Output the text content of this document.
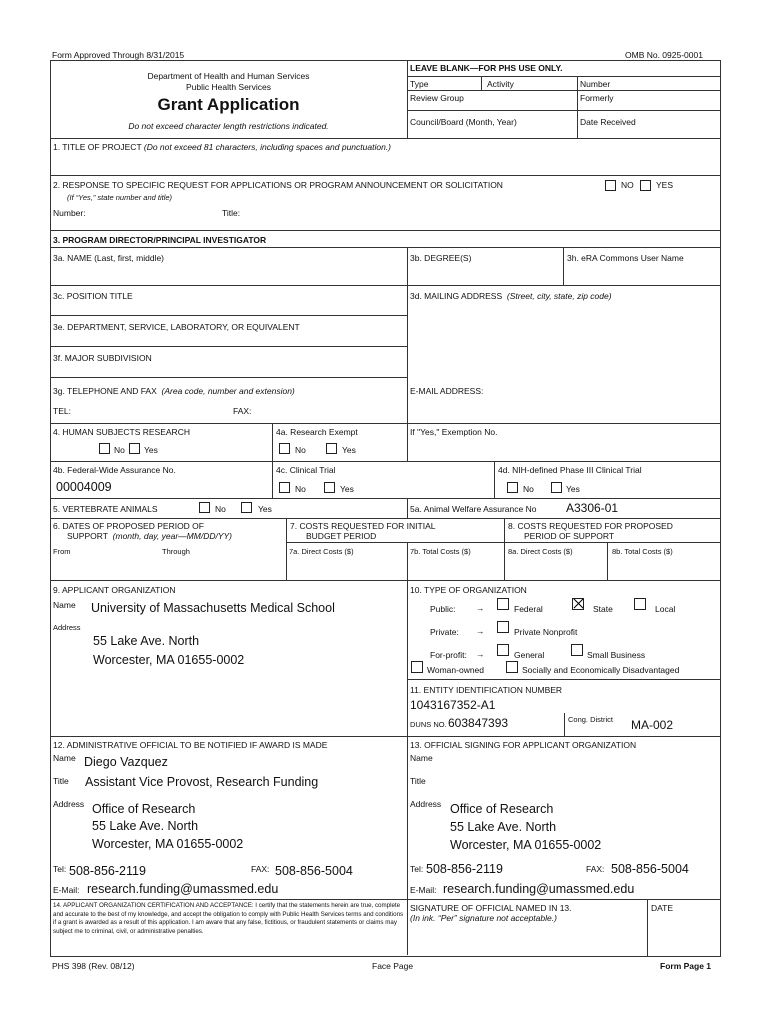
Form Approved Through 8/31/2015	OMB No. 0925-0001
Department of Health and Human Services
Public Health Services
Grant Application
Do not exceed character length restrictions indicated.
LEAVE BLANK—FOR PHS USE ONLY.
Type	Activity	Number
Review Group	Formerly
Council/Board (Month, Year)	Date Received
1. TITLE OF PROJECT (Do not exceed 81 characters, including spaces and punctuation.)
2. RESPONSE TO SPECIFIC REQUEST FOR APPLICATIONS OR PROGRAM ANNOUNCEMENT OR SOLICITATION	NO	YES
(If “Yes,” state number and title)
Number:	Title:
3. PROGRAM DIRECTOR/PRINCIPAL INVESTIGATOR
3a. NAME (Last, first, middle)	3b. DEGREE(S)	3h. eRA Commons User Name
3c. POSITION TITLE	3d. MAILING ADDRESS (Street, city, state, zip code)
3e. DEPARTMENT, SERVICE, LABORATORY, OR EQUIVALENT
3f. MAJOR SUBDIVISION
3g. TELEPHONE AND FAX (Area code, number and extension)	E-MAIL ADDRESS:
TEL:	FAX:
4. HUMAN SUBJECTS RESEARCH
No Yes
4a. Research Exempt
No	Yes
If "Yes," Exemption No.
4b. Federal-Wide Assurance No.
00004009
4c. Clinical Trial
No	Yes
4d. NIH-defined Phase III Clinical Trial
No	Yes
5. VERTEBRATE ANIMALS	No	Yes	5a. Animal Welfare Assurance No A3306-01
6. DATES OF PROPOSED PERIOD OF
SUPPORT (month, day, year—MM/DD/YY)
From	Through
7. COSTS REQUESTED FOR INITIAL
BUDGET PERIOD
7a. Direct Costs ($)	7b. Total Costs ($)
8. COSTS REQUESTED FOR PROPOSED
PERIOD OF SUPPORT
8a. Direct Costs ($)	8b. Total Costs ($)
9. APPLICANT ORGANIZATION
Name University of Massachusetts Medical School
Address
55 Lake Ave. North
Worcester, MA 01655-0002
10. TYPE OF ORGANIZATION
Public: →	Federal	State	Local
Private: →	Private Nonprofit
For-profit: →	General	Small Business
Woman-owned	Socially and Economically Disadvantaged
11. ENTITY IDENTIFICATION NUMBER
1043167352-A1
DUNS NO. 603847393	Cong. District MA-002
12. ADMINISTRATIVE OFFICIAL TO BE NOTIFIED IF AWARD IS MADE
Name Diego Vazquez
Title Assistant Vice Provost, Research Funding
Address Office of Research
55 Lake Ave. North
Worcester, MA 01655-0002
Tel: 508-856-2119	FAX: 508-856-5004
E-Mail: research.funding@umassmed.edu
13. OFFICIAL SIGNING FOR APPLICANT ORGANIZATION
Name
Title
Address Office of Research
55 Lake Ave. North
Worcester, MA 01655-0002
Tel: 508-856-2119	FAX: 508-856-5004
E-Mail: research.funding@umassmed.edu
14. APPLICANT ORGANIZATION CERTIFICATION AND ACCEPTANCE: I certify that the statements herein are true, complete and accurate to the best of my knowledge, and accept the obligation to comply with Public Health Services terms and conditions if a grant is awarded as a result of this application. I am aware that any false, fictitious, or fraudulent statements or claims may subject me to criminal, civil, or administrative penalties.
SIGNATURE OF OFFICIAL NAMED IN 13.
(In ink. “Per” signature not acceptable.)
DATE
PHS 398 (Rev. 08/12)	Face Page	Form Page 1
